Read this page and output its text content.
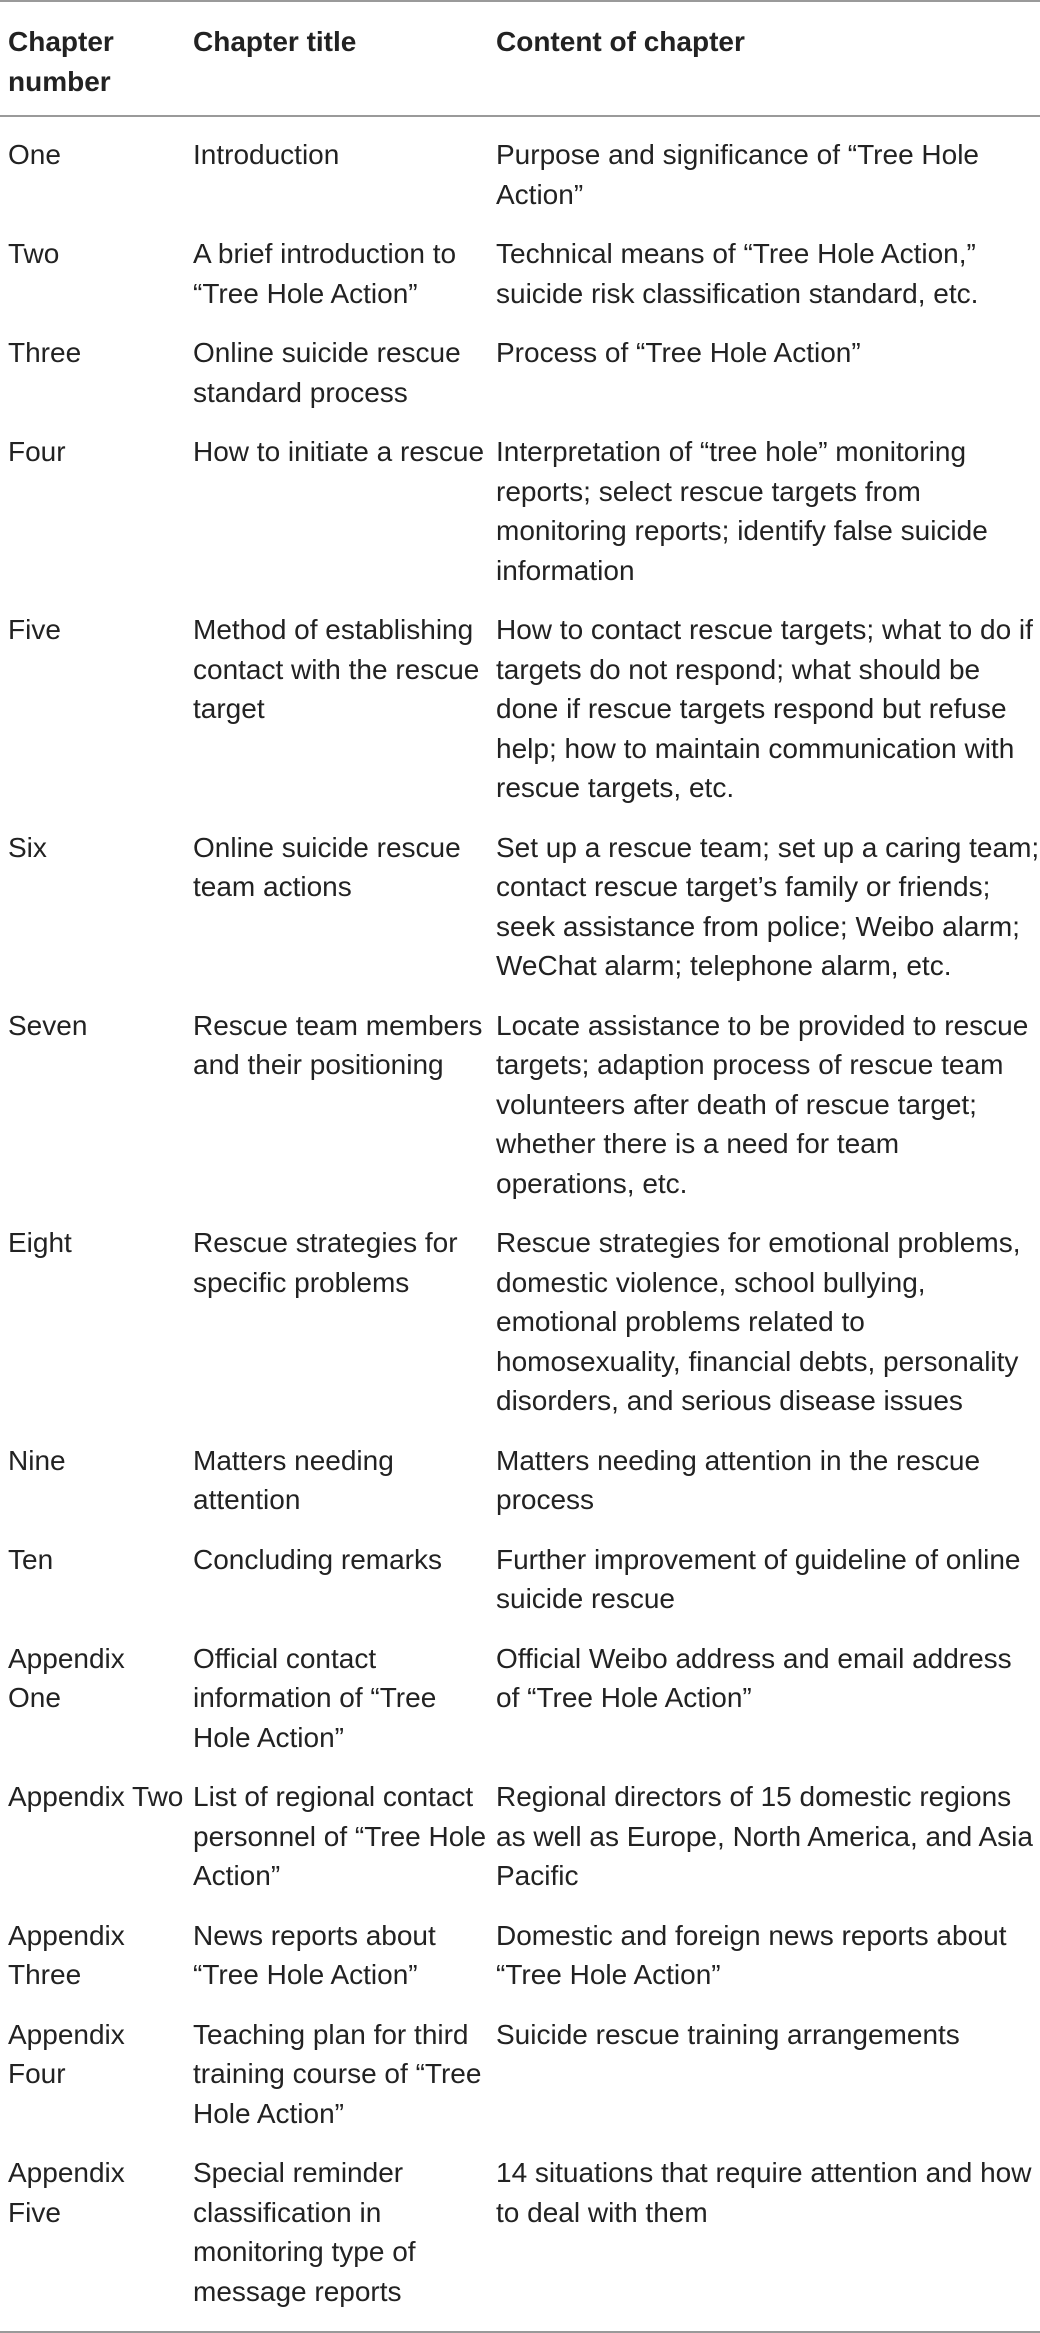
Chapter number	Chapter title	Content of chapter
One	Introduction	Purpose and significance of “Tree Hole Action”
Two	A brief introduction to “Tree Hole Action”	Technical means of “Tree Hole Action,” suicide risk classification standard, etc.
Three	Online suicide rescue standard process	Process of “Tree Hole Action”
Four	How to initiate a rescue	Interpretation of “tree hole” monitoring reports; select rescue targets from monitoring reports; identify false suicide information
Five	Method of establishing contact with the rescue target	How to contact rescue targets; what to do if targets do not respond; what should be done if rescue targets respond but refuse help; how to maintain communication with rescue targets, etc.
Six	Online suicide rescue team actions	Set up a rescue team; set up a caring team; contact rescue target’s family or friends; seek assistance from police; Weibo alarm; WeChat alarm; telephone alarm, etc.
Seven	Rescue team members and their positioning	Locate assistance to be provided to rescue targets; adaption process of rescue team volunteers after death of rescue target; whether there is a need for team operations, etc.
Eight	Rescue strategies for specific problems	Rescue strategies for emotional problems, domestic violence, school bullying, emotional problems related to homosexuality, financial debts, personality disorders, and serious disease issues
Nine	Matters needing attention	Matters needing attention in the rescue process
Ten	Concluding remarks	Further improvement of guideline of online suicide rescue
Appendix One	Official contact information of “Tree Hole Action”	Official Weibo address and email address of “Tree Hole Action”
Appendix Two	List of regional contact personnel of “Tree Hole Action”	Regional directors of 15 domestic regions as well as Europe, North America, and Asia Pacific
Appendix Three	News reports about “Tree Hole Action”	Domestic and foreign news reports about “Tree Hole Action”
Appendix Four	Teaching plan for third training course of “Tree Hole Action”	Suicide rescue training arrangements
Appendix Five	Special reminder classification in monitoring type of message reports	14 situations that require attention and how to deal with them
